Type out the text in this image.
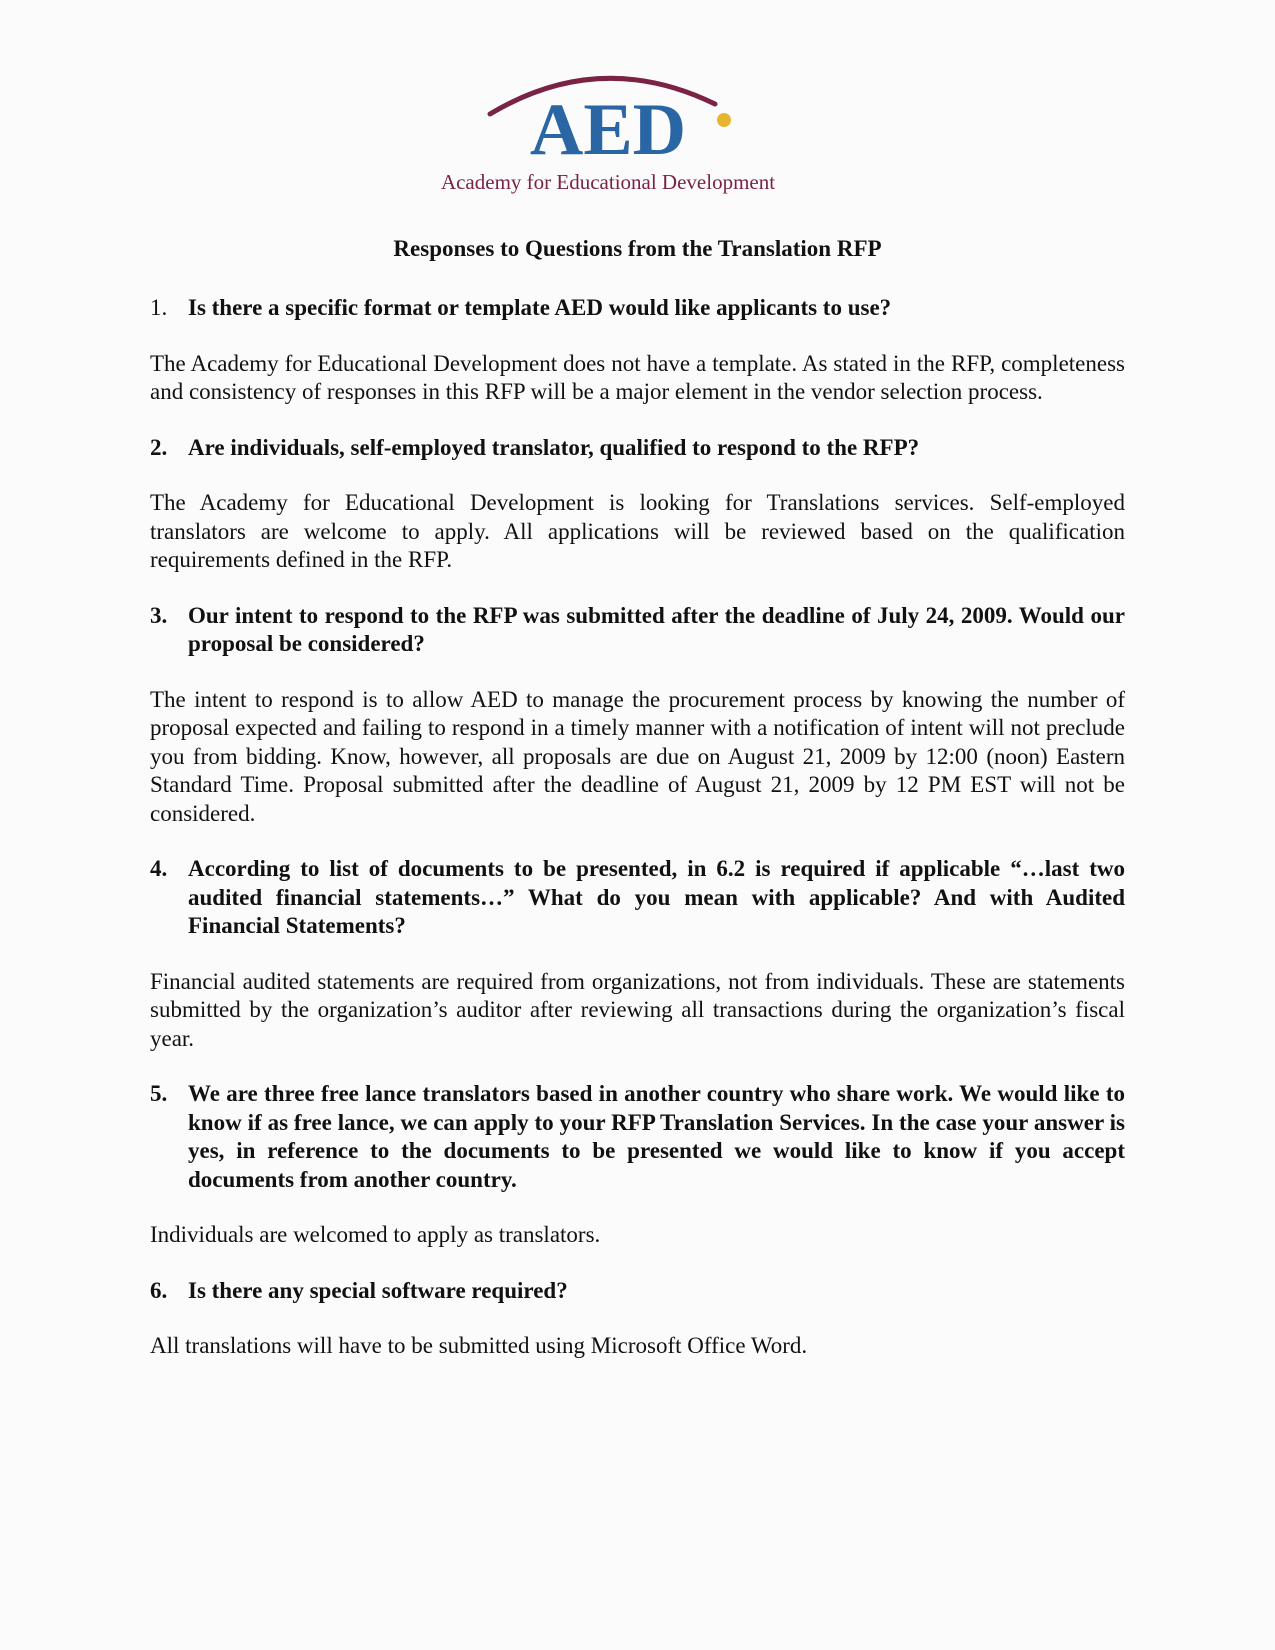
AED
Academy for Educational Development
Responses to Questions from the Translation RFP
1. Is there a specific format or template AED would like applicants to use?
The Academy for Educational Development does not have a template. As stated in the RFP, completeness and consistency of responses in this RFP will be a major element in the vendor selection process.
2. Are individuals, self-employed translator, qualified to respond to the RFP?
The Academy for Educational Development is looking for Translations services. Self-employed translators are welcome to apply. All applications will be reviewed based on the qualification requirements defined in the RFP.
3. Our intent to respond to the RFP was submitted after the deadline of July 24, 2009. Would our proposal be considered?
The intent to respond is to allow AED to manage the procurement process by knowing the number of proposal expected and failing to respond in a timely manner with a notification of intent will not preclude you from bidding. Know, however, all proposals are due on August 21, 2009 by 12:00 (noon) Eastern Standard Time. Proposal submitted after the deadline of August 21, 2009 by 12 PM EST will not be considered.
4. According to list of documents to be presented, in 6.2 is required if applicable “…last two audited financial statements…” What do you mean with applicable? And with Audited Financial Statements?
Financial audited statements are required from organizations, not from individuals. These are statements submitted by the organization’s auditor after reviewing all transactions during the organization’s fiscal year.
5. We are three free lance translators based in another country who share work. We would like to know if as free lance, we can apply to your RFP Translation Services. In the case your answer is yes, in reference to the documents to be presented we would like to know if you accept documents from another country.
Individuals are welcomed to apply as translators.
6. Is there any special software required?
All translations will have to be submitted using Microsoft Office Word.
